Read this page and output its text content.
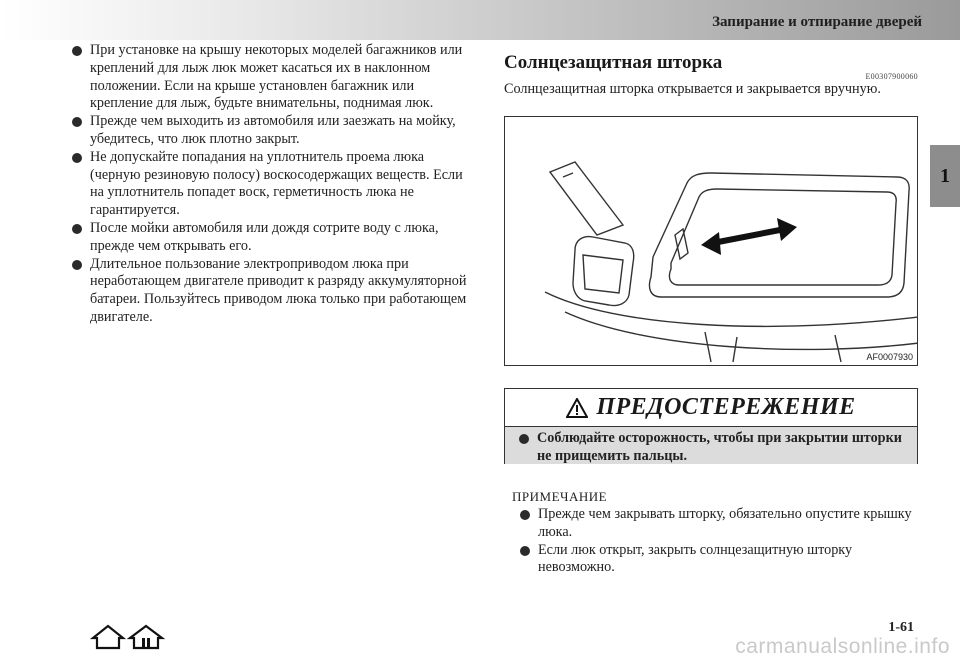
Запирание и отпирание дверей
1
При установке на крышу некоторых моделей багажников или креплений для лыж люк может касаться их в наклонном положении. Если на крыше установлен багажник или крепление для лыж, будьте внимательны, поднимая люк.
Прежде чем выходить из автомобиля или заезжать на мойку, убедитесь, что люк плотно закрыт.
Не допускайте попадания на уплотнитель проема люка (черную резиновую полосу) воскосодержащих веществ. Если на уплотнитель попадет воск, герметичность люка не гарантируется.
После мойки автомобиля или дождя сотрите воду с люка, прежде чем открывать его.
Длительное пользование электроприводом люка при неработающем двигателе приводит к разряду аккумуляторной батареи. Пользуйтесь приводом люка только при работающем двигателе.
Солнцезащитная шторка
E00307900060
Солнцезащитная шторка открывается и закрывается вручную.
AF0007930
ПРЕДОСТЕРЕЖЕНИЕ
Соблюдайте осторожность, чтобы при закрытии шторки не прищемить пальцы.
ПРИМЕЧАНИЕ
Прежде чем закрывать шторку, обязательно опустите крышку люка.
Если люк открыт, закрыть солнцезащитную шторку невозможно.
1-61
carmanualsonline.info
